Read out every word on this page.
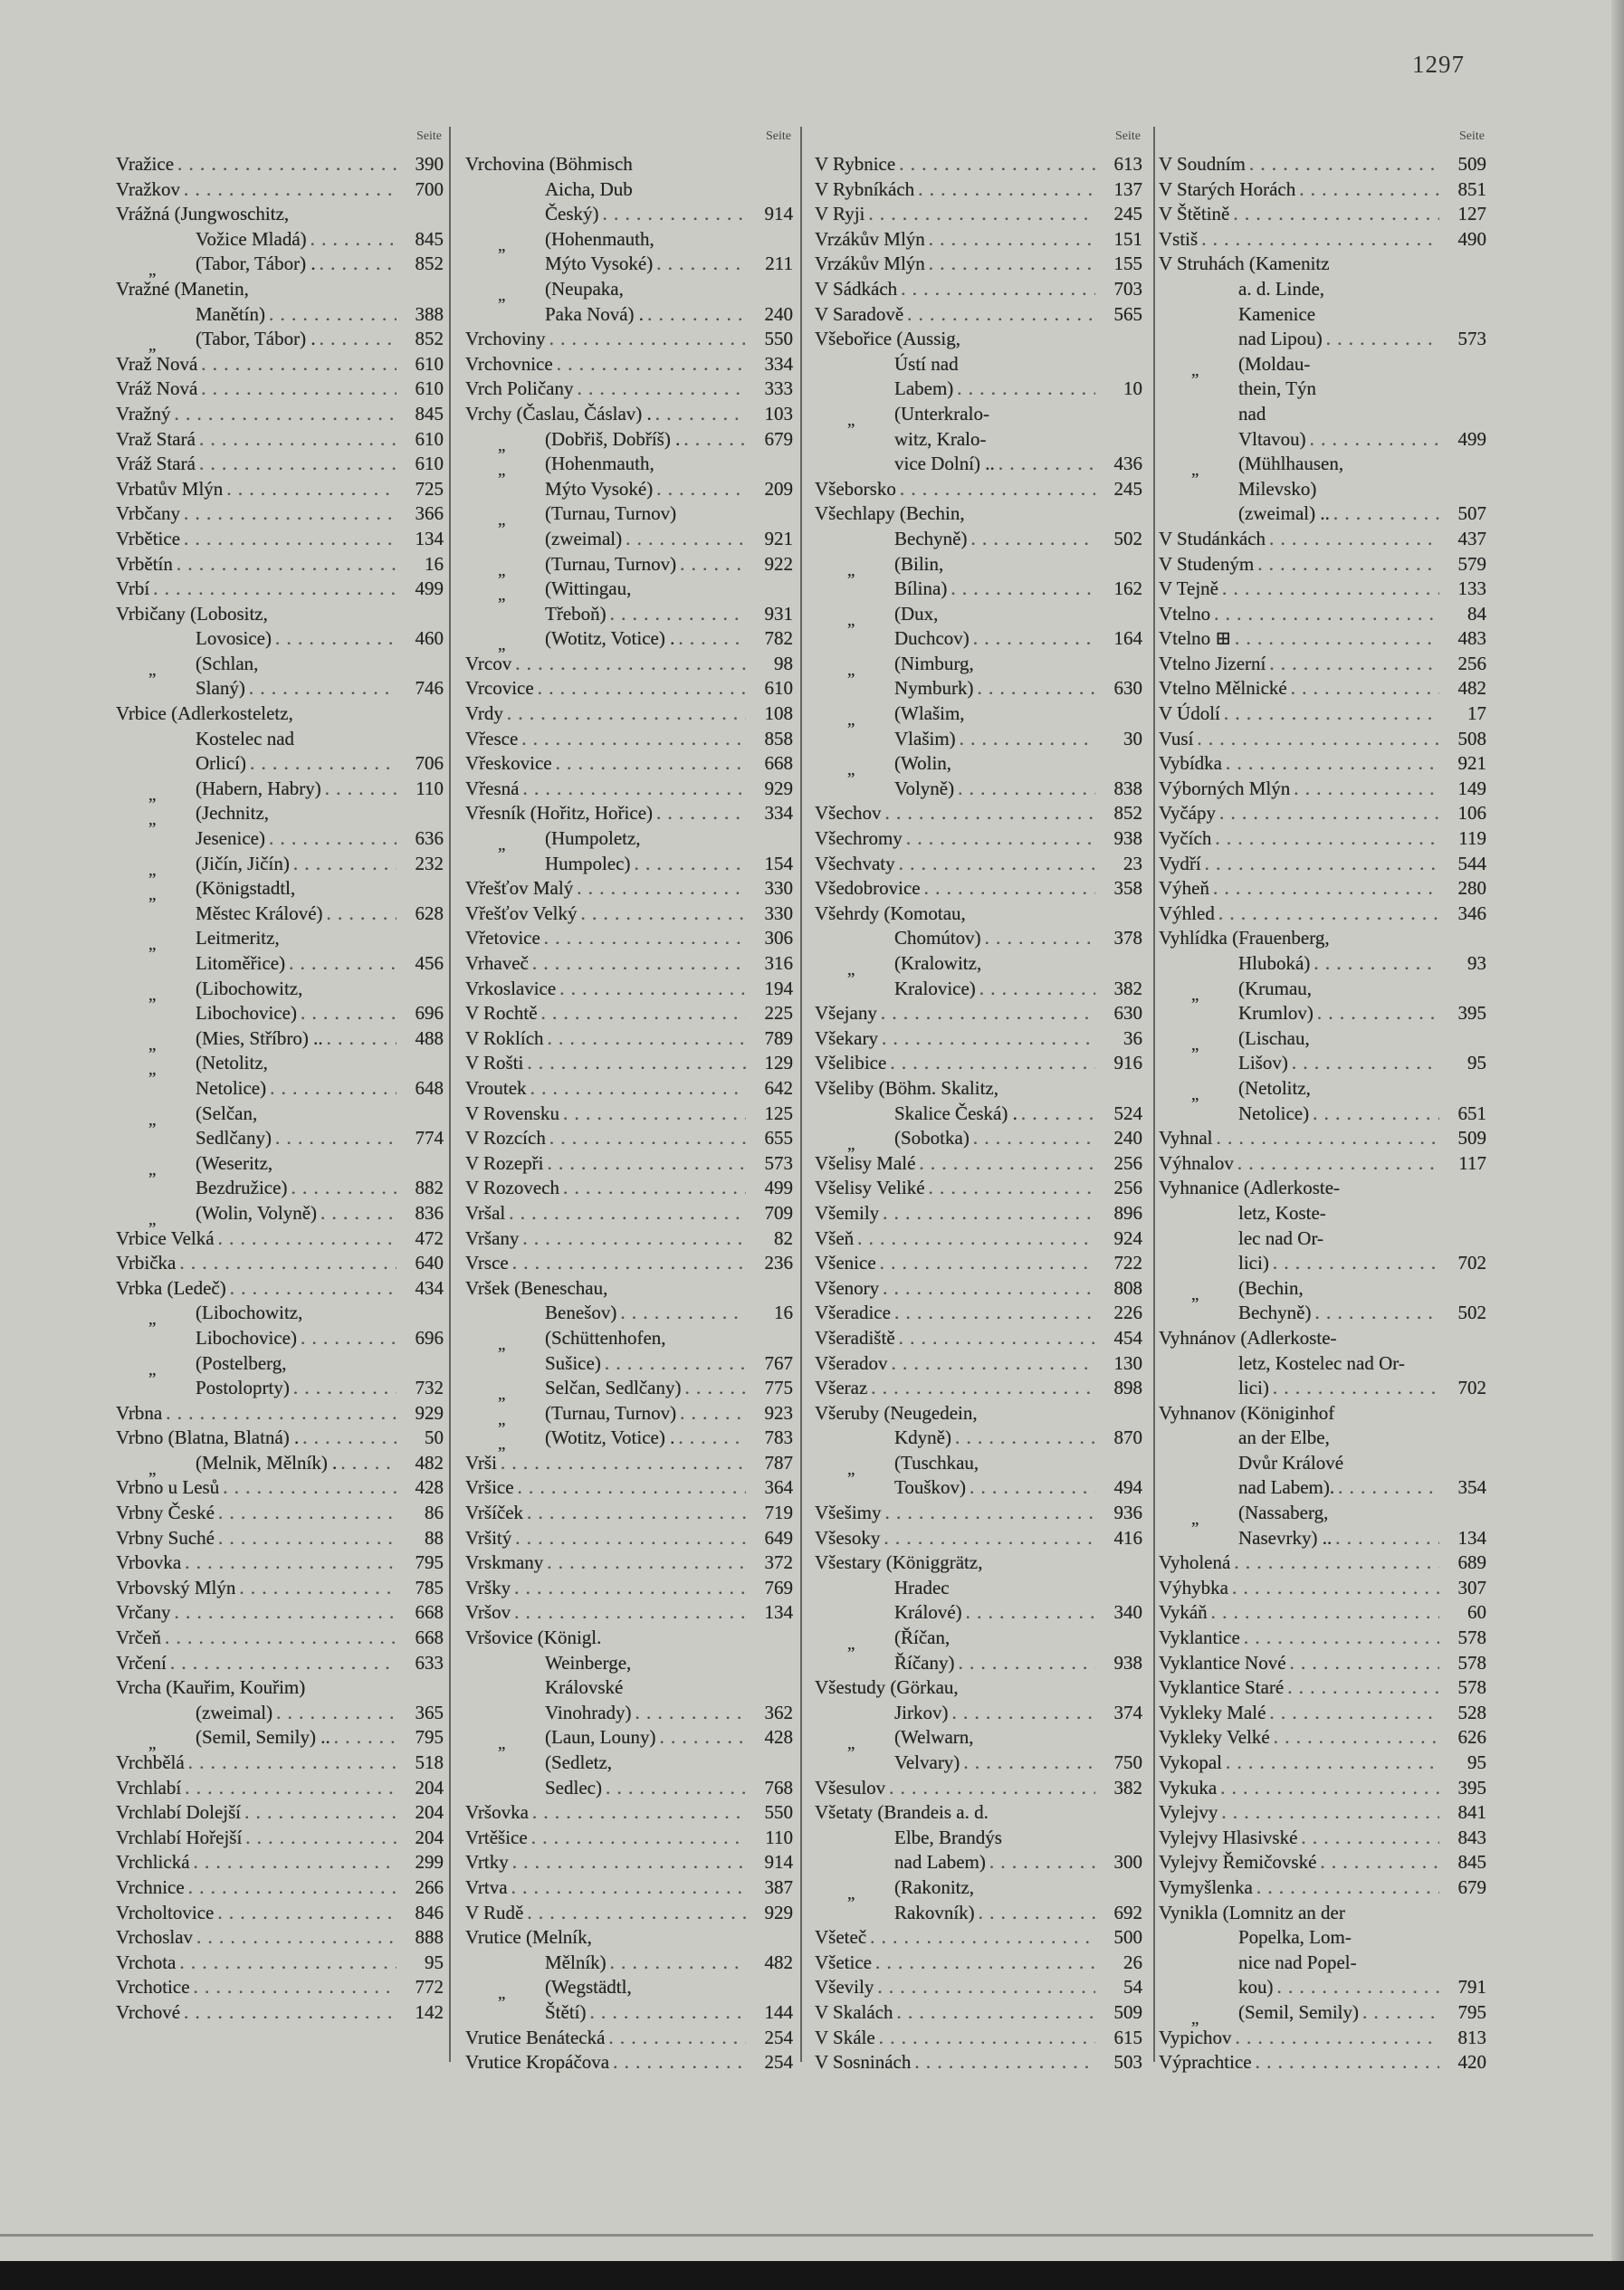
1297
Seite
Vražice . . .	390
Vražkov . . .	700
Vrážná (Jungwoschitz,
Vožice Mladá) . . .	845
„ (Tabor, Tábor) . . . .	852
Vražné (Manetin,
Manětín) . . .	388
„ (Tabor, Tábor) . . . .	852
Vraž Nová . . .	610
Vráž Nová . . .	610
Vražný . . .	845
Vraž Stará . . .	610
Vráž Stará . . .	610
Vrbatův Mlýn . . .	725
Vrbčany . . .	366
Vrbětice . . .	134
Vrbětín . . .	16
Vrbí . . .	499
Vrbičany (Lobositz,
Lovosice) . . .	460
„ (Schlan,
Slaný) . . .	746
Vrbice (Adlerkosteletz,
Kostelec nad
Orlicí) . . .	706
„ (Habern, Habry) . . .	110
„ (Jechnitz,
Jesenice) . . .	636
„ (Jičín, Jičín) . . .	232
„ (Königstadtl,
Městec Králové) . . .	628
„ Leitmeritz,
Litoměřice) . . .	456
„ (Libochowitz,
Libochovice) . . .	696
„ (Mies, Stříbro) .. . . .	488
„ (Netolitz,
Netolice) . . .	648
„ (Selčan,
Sedlčany) . . .	774
„ (Weseritz,
Bezdružice) . . .	882
„ (Wolin, Volyně) . . .	836
Vrbice Velká . . .	472
Vrbička . . .	640
Vrbka (Ledeč) . . .	434
„ (Libochowitz,
Libochovice) . . .	696
„ (Postelberg,
Postoloprty) . . .	732
Vrbna . . .	929
Vrbno (Blatna, Blatná) . . . .	50
„ (Melnik, Mělník) . . . .	482
Vrbno u Lesů . . .	428
Vrbny České . . .	86
Vrbny Suché . . .	88
Vrbovka . . .	795
Vrbovský Mlýn . . .	785
Vrčany . . .	668
Vrčeň . . .	668
Vrčení . . .	633
Vrcha (Kauřim, Kouřim)
(zweimal) . . .	365
„ (Semil, Semily) .. . . .	795
Vrchbělá . . .	518
Vrchlabí . . .	204
Vrchlabí Dolejší . . .	204
Vrchlabí Hořejší . . .	204
Vrchlická . . .	299
Vrchnice . . .	266
Vrcholtovice . . .	846
Vrchoslav . . .	888
Vrchota . . .	95
Vrchotice . . .	772
Vrchové . . .	142
Seite
Vrchovina (Böhmisch
Aicha, Dub
Český) . . .	914
„ (Hohenmauth,
Mýto Vysoké) . . .	211
„ (Neupaka,
Paka Nová) . . . .	240
Vrchoviny . . .	550
Vrchovnice . . .	334
Vrch Poličany . . .	333
Vrchy (Časlau, Čáslav) . . . .	103
„ (Dobřiš, Dobříš) . . . .	679
„ (Hohenmauth,
Mýto Vysoké) . . .	209
„ (Turnau, Turnov)
(zweimal) . . .	921
„ (Turnau, Turnov) . . .	922
„ (Wittingau,
Třeboň) . . .	931
„ (Wotitz, Votice) . . . .	782
Vrcov . . .	98
Vrcovice . . .	610
Vrdy . . .	108
Vřesce . . .	858
Vřeskovice . . .	668
Vřesná . . .	929
Vřesník (Hořitz, Hořice) . . .	334
„ (Humpoletz,
Humpolec) . . .	154
Vřešťov Malý . . .	330
Vřešťov Velký . . .	330
Vřetovice . . .	306
Vrhaveč . . .	316
Vrkoslavice . . .	194
V Rochtě . . .	225
V Roklích . . .	789
V Rošti . . .	129
Vroutek . . .	642
V Rovensku . . .	125
V Rozcích . . .	655
V Rozepři . . .	573
V Rozovech . . .	499
Vršal . . .	709
Vršany . . .	82
Vrsce . . .	236
Vršek (Beneschau,
Benešov) . . .	16
„ (Schüttenhofen,
Sušice) . . .	767
„ Selčan, Sedlčany) . . .	775
„ (Turnau, Turnov) . . .	923
„ (Wotitz, Votice) . . . .	783
Vrši . . .	787
Vršice . . .	364
Vršíček . . .	719
Vršitý . . .	649
Vrskmany . . .	372
Vršky . . .	769
Vršov . . .	134
Vršovice (Königl.
Weinberge,
Královské
Vinohrady) . . .	362
„ (Laun, Louny) . . .	428
(Sedletz,
Sedlec) . . .	768
Vršovka . . .	550
Vrtěšice . . .	110
Vrtky . . .	914
Vrtva . . .	387
V Rudě . . .	929
Vrutice (Melník,
Mělník) . . .	482
„ (Wegstädtl,
Štětí) . . .	144
Vrutice Benátecká . . .	254
Vrutice Kropáčova . . .	254
Seite
V Rybnice . . .	613
V Rybníkách . . .	137
V Ryji . . .	245
Vrzákův Mlýn . . .	151
Vrzákův Mlýn . . .	155
V Sádkách . . .	703
V Saradově . . .	565
Všebořice (Aussig,
Ústí nad
Labem) . . .	10
„ (Unterkralo-
witz, Kralo-
vice Dolní) .. . . .	436
Všeborsko . . .	245
Všechlapy (Bechin,
Bechyně) . . .	502
„ (Bilin,
Bílina) . . .	162
„ (Dux,
Duchcov) . . .	164
„ (Nimburg,
Nymburk) . . .	630
„ (Wlašim,
Vlašim) . . .	30
„ (Wolin,
Volyně) . . .	838
Všechov . . .	852
Všechromy . . .	938
Všechvaty . . .	23
Všedobrovice . . .	358
Všehrdy (Komotau,
Chomútov) . . .	378
„ (Kralowitz,
Kralovice) . . .	382
Všejany . . .	630
Všekary . . .	36
Všelibice . . .	916
Všeliby (Böhm. Skalitz,
Skalice Česká) . . . .	524
„ (Sobotka) . . .	240
Všelisy Malé . . .	256
Všelisy Veliké . . .	256
Všemily . . .	896
Všeň . . .	924
Všenice . . .	722
Všenory . . .	808
Všeradice . . .	226
Všeradiště . . .	454
Všeradov . . .	130
Všeraz . . .	898
Všeruby (Neugedein,
Kdyně) . . .	870
„ (Tuschkau,
Touškov) . . .	494
Všešimy . . .	936
Všesoky . . .	416
Všestary (Königgrätz,
Hradec
Králové) . . .	340
„ (Říčan,
Říčany) . . .	938
Všestudy (Görkau,
Jirkov) . . .	374
„ (Welwarn,
Velvary) . . .	750
Všesulov . . .	382
Všetaty (Brandeis a. d.
Elbe, Brandýs
nad Labem) . . .	300
„ (Rakonitz,
Rakovník) . . .	692
Všeteč . . .	500
Všetice . . .	26
Vševily . . .	54
V Skalách . . .	509
V Skále . . .	615
V Sosninách . . .	503
Seite
V Soudním . . .	509
V Starých Horách . . .	851
V Štětině . . .	127
Vstiš . . .	490
V Struhách (Kamenitz
a. d. Linde,
Kamenice
nad Lipou) . . .	573
„ (Moldau-
thein, Týn
nad
Vltavou) . . .	499
„ (Mühlhausen,
Milevsko)
(zweimal) .. . . .	507
V Studánkách . . .	437
V Studeným . . .	579
V Tejně . . .	133
Vtelno . . .	84
Vtelno ⊞ . . .	483
Vtelno Jizerní . . .	256
Vtelno Mělnické . . .	482
V Údolí . . .	17
Vusí . . .	508
Vybídka . . .	921
Výborných Mlýn . . .	149
Vyčápy . . .	106
Vyčích . . .	119
Vydří . . .	544
Výheň . . .	280
Výhled . . .	346
Vyhlídka (Frauenberg,
Hluboká) . . .	93
„ (Krumau,
Krumlov) . . .	395
„ (Lischau,
Lišov) . . .	95
„ (Netolitz,
Netolice) . . .	651
Vyhnal . . .	509
Výhnalov . . .	117
Vyhnanice (Adlerkoste-
letz, Koste-
lec nad Or-
lici) . . .	702
„ (Bechin,
Bechyně) . . .	502
Vyhnánov (Adlerkoste-
letz, Kostelec nad Or-
lici) . . .	702
Vyhnanov (Königinhof
an der Elbe,
Dvůr Králové
nad Labem). . . .	354
„ (Nassaberg,
Nasevrky) .. . . .	134
Vyholená . . .	689
Výhybka . . .	307
Vykáň . . .	60
Vyklantice . . .	578
Vyklantice Nové . . .	578
Vyklantice Staré . . .	578
Vykleky Malé . . .	528
Vykleky Velké . . .	626
Vykopal . . .	95
Vykuka . . .	395
Vylejvy . . .	841
Vylejvy Hlasivské . . .	843
Vylejvy Řemičovské . . .	845
Vymyšlenka . . .	679
Vynikla (Lomnitz an der
Popelka, Lom-
nice nad Popel-
kou) . . .	791
„ (Semil, Semily) . . .	795
Vypichov . . .	813
Výprachtice . . .	420
